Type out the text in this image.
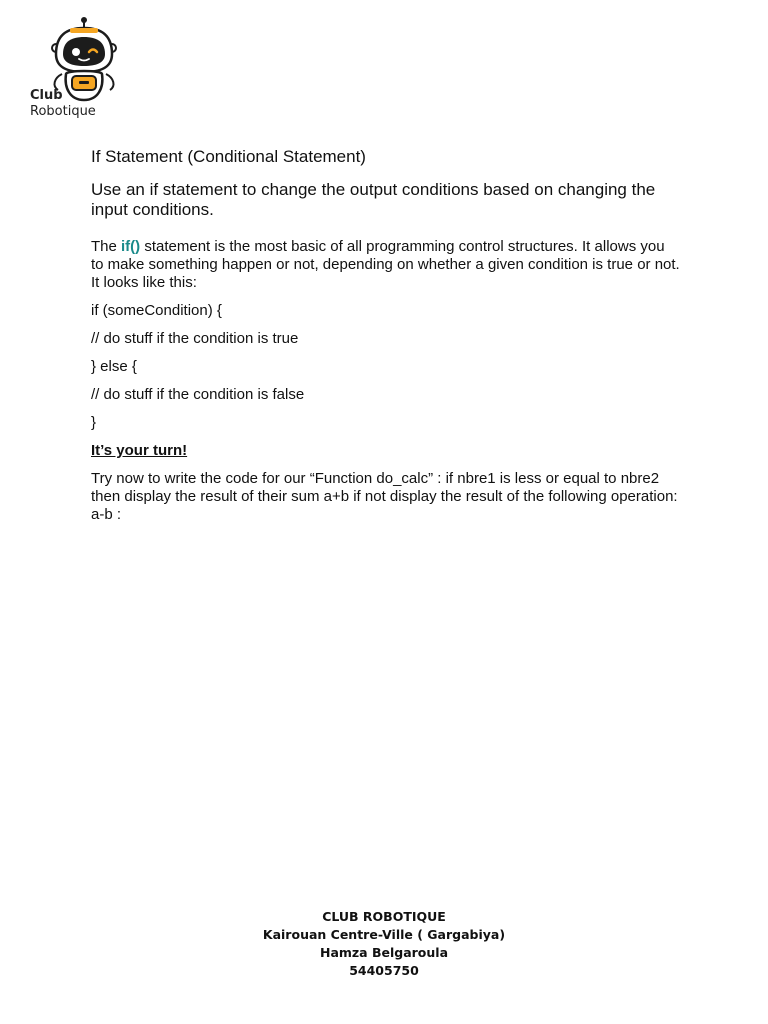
Club
Robotique
If Statement (Conditional Statement)
Use an if statement to change the output conditions based on changing the input conditions.

The if() statement is the most basic of all programming control structures. It allows you to make something happen or not, depending on whether a given condition is true or not. It looks like this:

if (someCondition) {

// do stuff if the condition is true

} else {

// do stuff if the condition is false

}

It’s your turn!

Try now to write the code for our “Function do_calc” : if nbre1 is less or equal to nbre2 then display the result of their sum a+b if not display the result of the following operation: a-b :

CLUB ROBOTIQUE
Kairouan Centre-Ville ( Gargabiya)
Hamza Belgaroula
54405750
